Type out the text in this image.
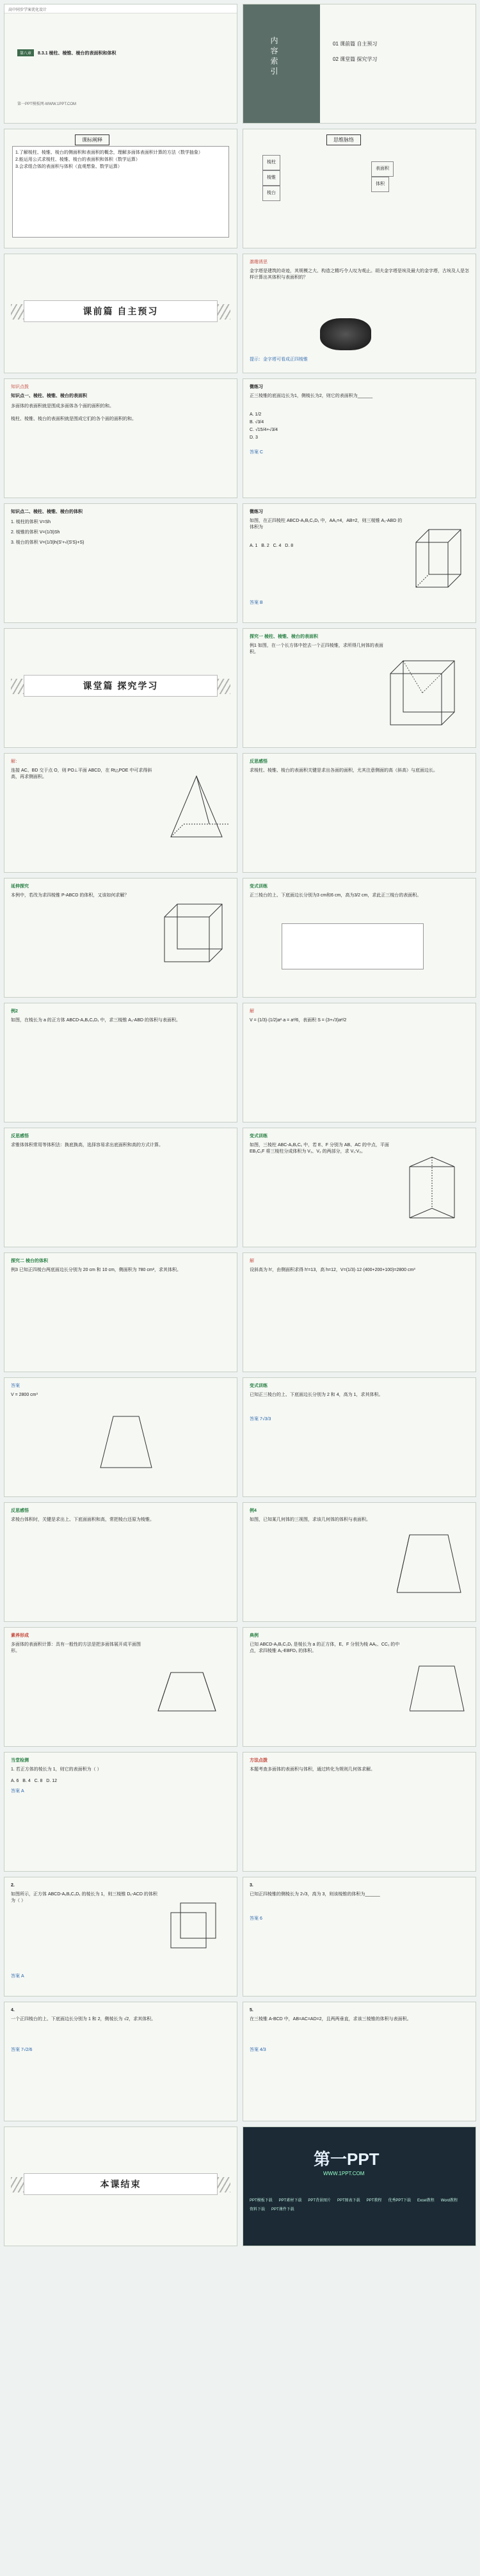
高中同步学案优化设计
第八章	8.3.1 棱柱、棱锥、棱台的表面积和体积
第一PPT模板网-WWW.1PPT.COM
内容索引	01 课前篇 自主预习
02 课堂篇 探究学习
课标阐释
1.了解棱柱、棱锥、棱台的侧面积和表面积的概念，理解多面体表面积计算的方法（数学抽象）
2.能运用公式求棱柱、棱锥、棱台的表面积和体积（数学运算）
3.会求组合体的表面积与体积（直观想象、数学运算）
思维脉络
棱柱
棱锥
棱台
表面积
体积
课前篇 自主预习
激趣诱思
金字塔是建筑的奇迹，其规模之大、构造之精巧令人叹为观止。胡夫金字塔是埃及最大的金字塔，古埃及人是怎样计算出其体积与表面积的？
提示：金字塔可看成正四棱锥
知识点拨
知识点一、棱柱、棱锥、棱台的表面积
多面体的表面积就是围成多面体各个面的面积的和。
棱柱、棱锥、棱台的表面积就是围成它们的各个面的面积的和。
微练习
正三棱锥的底面边长为1，侧棱长为2，则它的表面积为______
A. 1/2
B. √3/4
C. √15/4+√3/4
D. 3
答案 C
知识点二、棱柱、棱锥、棱台的体积
1. 棱柱的体积 V=Sh
2. 棱锥的体积 V=(1/3)Sh
3. 棱台的体积 V=(1/3)h(S'+√(S'S)+S)
微练习
如图，在正四棱柱 ABCD-A₁B₁C₁D₁ 中，AA₁=4，AB=2，则三棱锥 A₁-ABD 的体积为
A. 1 B. 2 C. 4 D. 8
答案 B
课堂篇 探究学习
探究一 棱柱、棱锥、棱台的表面积
例1 如图，在一个长方体中挖去一个正四棱锥，求所得几何体的表面积。
解：
连接 AC、BD 交于点 O，则 PO⊥平面 ABCD，在 Rt△POE 中可求得斜高，再求侧面积。
反思感悟
求棱柱、棱锥、棱台的表面积关键是求出各面的面积，尤其注意侧面的高（斜高）与底面边长。
延伸探究
本例中，若改为求四棱锥 P-ABCD 的体积，又该如何求解？
变式训练
正三棱台的上、下底面边长分别为3 cm和6 cm，高为3/2 cm，求此正三棱台的表面积。
例2
如图，在棱长为 a 的正方体 ABCD-A₁B₁C₁D₁ 中，求三棱锥 A₁-ABD 的体积与表面积。
解
V = (1/3)·(1/2)a²·a = a³/6，表面积 S = (3+√3)a²/2
反思感悟
求锥体体积常用等体积法：换底换高，选择容易求出底面积和高的方式计算。
变式训练
如图，三棱柱 ABC-A₁B₁C₁ 中，若 E、F 分别为 AB、AC 的中点，平面 EB₁C₁F 将三棱柱分成体积为 V₁、V₂ 的两部分，求 V₁:V₂。
探究二 棱台的体积
例3 已知正四棱台两底面边长分别为 20 cm 和 10 cm，侧面积为 780 cm²，求其体积。
解
设斜高为 h'，由侧面积求得 h'=13，高 h=12，V=(1/3)·12·(400+200+100)=2800 cm³
答案
V = 2800 cm³
变式训练
已知正三棱台的上、下底面边长分别为 2 和 4，高为 1，求其体积。
答案 7√3/3
反思感悟
求棱台体积时，关键是求出上、下底面面积和高，常把棱台还原为棱锥。
例4
如图，已知某几何体的三视图，求该几何体的体积与表面积。
素养形成
多面体的表面积计算：具有一般性的方法是把多面体展开成平面图形。
典例
已知 ABCD-A₁B₁C₁D₁ 是棱长为 a 的正方体，E、F 分别为棱 AA₁、CC₁ 的中点，求四棱锥 A₁-EBFD₁ 的体积。
当堂检测
1. 若正方体的棱长为 1，则它的表面积为（ ）
A. 6 B. 4 C. 8 D. 12
答案 A
方法点拨
本题考查多面体的表面积与体积，通过转化为规则几何体求解。
2.
如图所示，正方体 ABCD-A₁B₁C₁D₁ 的棱长为 1，则三棱锥 D₁-ACD 的体积为（ ）
答案 A
3.
已知正四棱锥的侧棱长为 2√3，高为 3，则该棱锥的体积为______
答案 6
4.
一个正四棱台的上、下底面边长分别为 1 和 2，侧棱长为 √2，求其体积。
答案 7√2/6
5.
在三棱锥 A-BCD 中，AB=AC=AD=2，且两两垂直，求该三棱锥的体积与表面积。
答案 4/3
本课结束
第一PPT
WWW.1PPT.COM
PPT模板下载 PPT素材下载 PPT背景图片 PPT图表下载 PPT教程 优秀PPT下载 Excel教程 Word教程
资料下载 PPT课件下载
